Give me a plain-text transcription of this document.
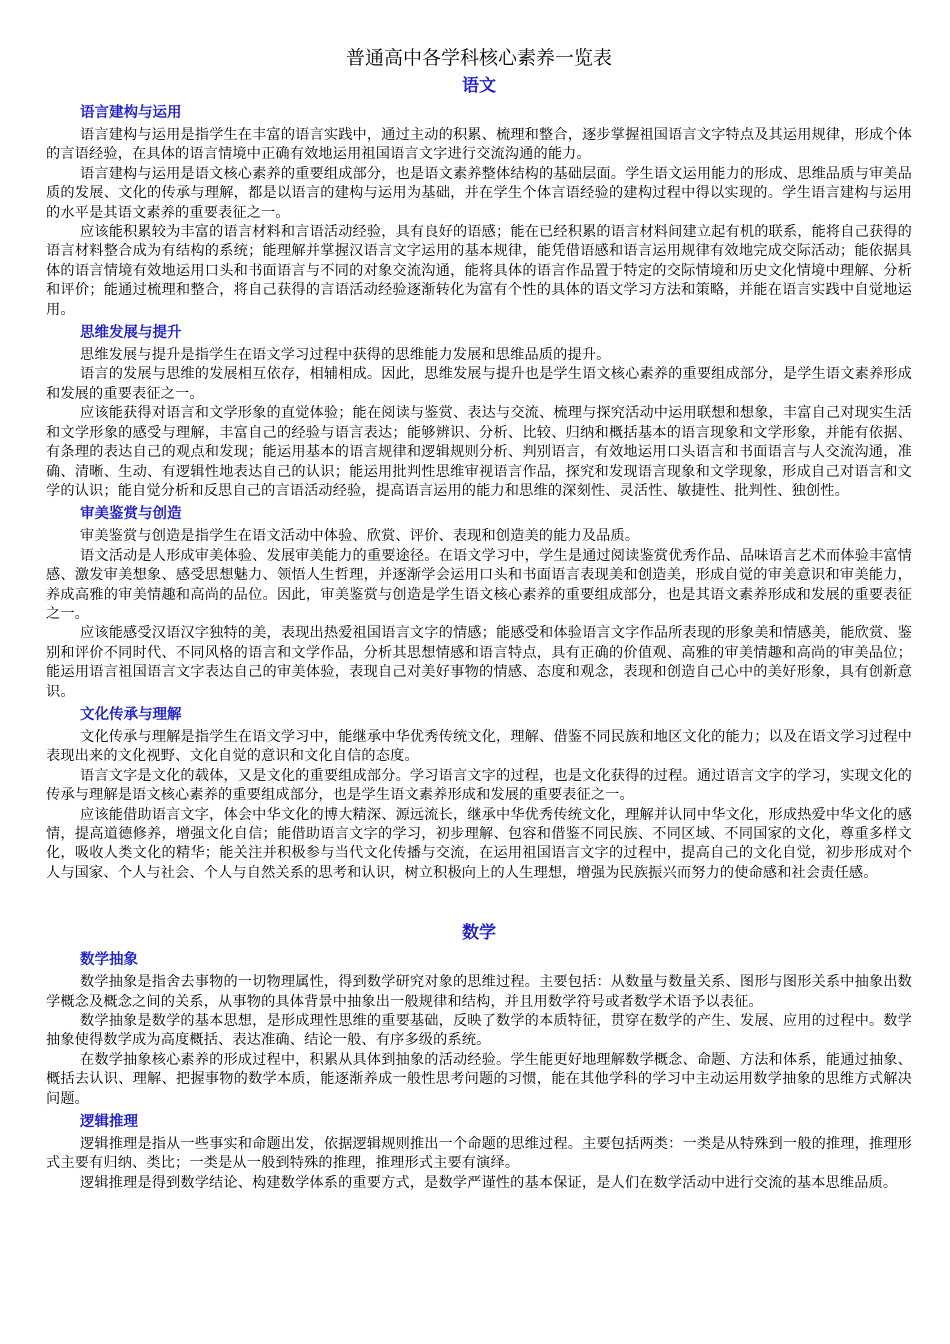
普通高中各学科核心素养一览表
语文
语言建构与运用

语言建构与运用是指学生在丰富的语言实践中，通过主动的积累、梳理和整合，逐步掌握祖国语言文字特点及其运用规律，形成个体的言语经验，在具体的语言情境中正确有效地运用祖国语言文字进行交流沟通的能力。

语言建构与运用是语文核心素养的重要组成部分，也是语文素养整体结构的基础层面。学生语文运用能力的形成、思维品质与审美品质的发展、文化的传承与理解，都是以语言的建构与运用为基础，并在学生个体言语经验的建构过程中得以实现的。学生语言建构与运用的水平是其语文素养的重要表征之一。

应该能积累较为丰富的语言材料和言语活动经验，具有良好的语感；能在已经积累的语言材料间建立起有机的联系，能将自己获得的语言材料整合成为有结构的系统；能理解并掌握汉语言文字运用的基本规律，能凭借语感和语言运用规律有效地完成交际活动；能依据具体的语言情境有效地运用口头和书面语言与不同的对象交流沟通，能将具体的语言作品置于特定的交际情境和历史文化情境中理解、分析和评价；能通过梳理和整合，将自己获得的言语活动经验逐渐转化为富有个性的具体的语文学习方法和策略，并能在语言实践中自觉地运用。

思维发展与提升

思维发展与提升是指学生在语文学习过程中获得的思维能力发展和思维品质的提升。

语言的发展与思维的发展相互依存，相辅相成。因此，思维发展与提升也是学生语文核心素养的重要组成部分，是学生语文素养形成和发展的重要表征之一。

应该能获得对语言和文学形象的直觉体验；能在阅读与鉴赏、表达与交流、梳理与探究活动中运用联想和想象，丰富自己对现实生活和文学形象的感受与理解，丰富自己的经验与语言表达；能够辨识、分析、比较、归纳和概括基本的语言现象和文学形象，并能有依据、有条理的表达自己的观点和发现；能运用基本的语言规律和逻辑规则分析、判别语言，有效地运用口头语言和书面语言与人交流沟通，准确、清晰、生动、有逻辑性地表达自己的认识；能运用批判性思维审视语言作品，探究和发现语言现象和文学现象，形成自己对语言和文学的认识；能自觉分析和反思自己的言语活动经验，提高语言运用的能力和思维的深刻性、灵活性、敏捷性、批判性、独创性。

审美鉴赏与创造

审美鉴赏与创造是指学生在语文活动中体验、欣赏、评价、表现和创造美的能力及品质。

语文活动是人形成审美体验、发展审美能力的重要途径。在语文学习中，学生是通过阅读鉴赏优秀作品、品味语言艺术而体验丰富情感、激发审美想象、感受思想魅力、领悟人生哲理，并逐渐学会运用口头和书面语言表现美和创造美，形成自觉的审美意识和审美能力，养成高雅的审美情趣和高尚的品位。因此，审美鉴赏与创造是学生语文核心素养的重要组成部分，也是其语文素养形成和发展的重要表征之一。

应该能感受汉语汉字独特的美，表现出热爱祖国语言文字的情感；能感受和体验语言文字作品所表现的形象美和情感美，能欣赏、鉴别和评价不同时代、不同风格的语言和文学作品，分析其思想情感和语言特点，具有正确的价值观、高雅的审美情趣和高尚的审美品位；能运用语言祖国语言文字表达自己的审美体验，表现自己对美好事物的情感、态度和观念，表现和创造自己心中的美好形象，具有创新意识。

文化传承与理解

文化传承与理解是指学生在语文学习中，能继承中华优秀传统文化，理解、借鉴不同民族和地区文化的能力；以及在语文学习过程中表现出来的文化视野、文化自觉的意识和文化自信的态度。

语言文字是文化的载体，又是文化的重要组成部分。学习语言文字的过程，也是文化获得的过程。通过语言文字的学习，实现文化的传承与理解是语文核心素养的重要组成部分，也是学生语文素养形成和发展的重要表征之一。

应该能借助语言文字，体会中华文化的博大精深、源远流长，继承中华优秀传统文化，理解并认同中华文化，形成热爱中华文化的感情，提高道德修养，增强文化自信；能借助语言文字的学习，初步理解、包容和借鉴不同民族、不同区域、不同国家的文化，尊重多样文化，吸收人类文化的精华；能关注并积极参与当代文化传播与交流，在运用祖国语言文字的过程中，提高自己的文化自觉，初步形成对个人与国家、个人与社会、个人与自然关系的思考和认识，树立积极向上的人生理想，增强为民族振兴而努力的使命感和社会责任感。

数学
数学抽象

数学抽象是指舍去事物的一切物理属性，得到数学研究对象的思维过程。主要包括：从数量与数量关系、图形与图形关系中抽象出数学概念及概念之间的关系，从事物的具体背景中抽象出一般规律和结构，并且用数学符号或者数学术语予以表征。

数学抽象是数学的基本思想，是形成理性思维的重要基础，反映了数学的本质特征，贯穿在数学的产生、发展、应用的过程中。数学抽象使得数学成为高度概括、表达准确、结论一般、有序多级的系统。

在数学抽象核心素养的形成过程中，积累从具体到抽象的活动经验。学生能更好地理解数学概念、命题、方法和体系，能通过抽象、概括去认识、理解、把握事物的数学本质，能逐渐养成一般性思考问题的习惯，能在其他学科的学习中主动运用数学抽象的思维方式解决问题。

逻辑推理

逻辑推理是指从一些事实和命题出发，依据逻辑规则推出一个命题的思维过程。主要包括两类：一类是从特殊到一般的推理，推理形式主要有归纳、类比；一类是从一般到特殊的推理，推理形式主要有演绎。

逻辑推理是得到数学结论、构建数学体系的重要方式，是数学严谨性的基本保证，是人们在数学活动中进行交流的基本思维品质。
